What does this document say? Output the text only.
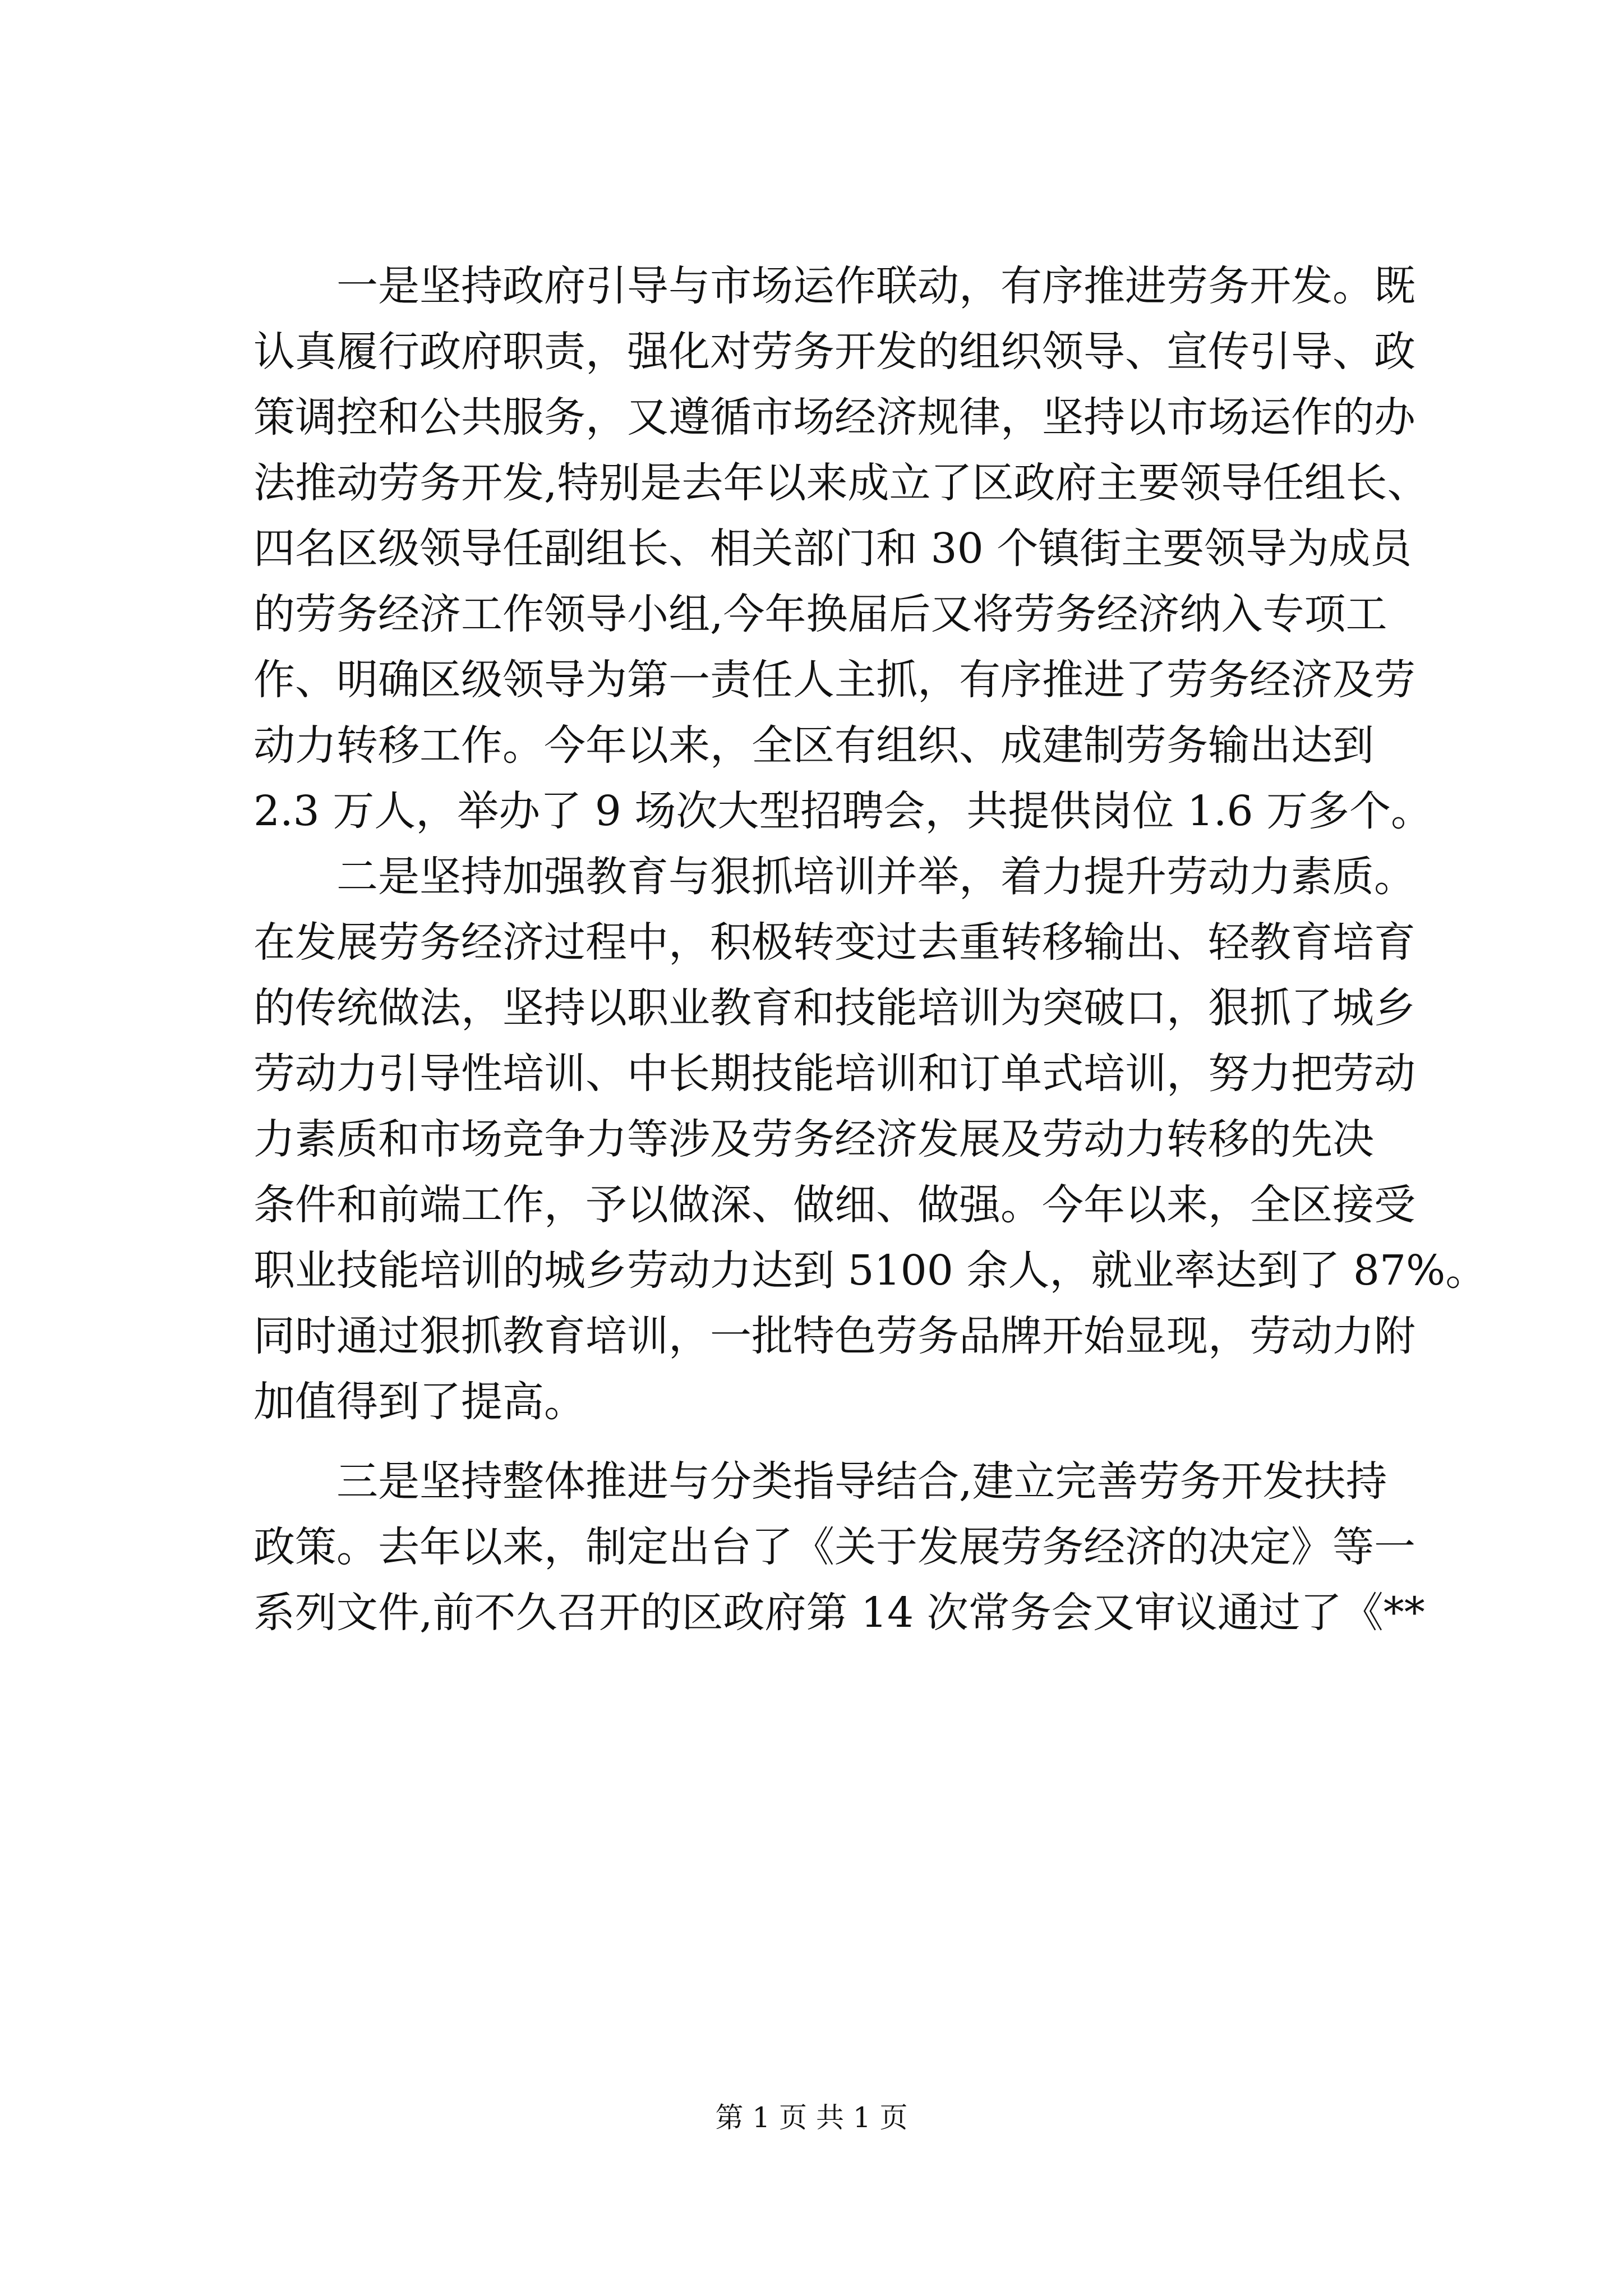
一是坚持政府引导与市场运作联动，有序推进劳务开发。既
认真履行政府职责，强化对劳务开发的组织领导、宣传引导、政
策调控和公共服务，又遵循市场经济规律，坚持以市场运作的办
法推动劳务开发,特别是去年以来成立了区政府主要领导任组长、
四名区级领导任副组长、相关部门和 30 个镇街主要领导为成员
的劳务经济工作领导小组,今年换届后又将劳务经济纳入专项工
作、明确区级领导为第一责任人主抓，有序推进了劳务经济及劳
动力转移工作。今年以来，全区有组织、成建制劳务输出达到
2.3 万人，举办了 9 场次大型招聘会，共提供岗位 1.6 万多个。
二是坚持加强教育与狠抓培训并举，着力提升劳动力素质。
在发展劳务经济过程中，积极转变过去重转移输出、轻教育培育
的传统做法，坚持以职业教育和技能培训为突破口，狠抓了城乡
劳动力引导性培训、中长期技能培训和订单式培训，努力把劳动
力素质和市场竞争力等涉及劳务经济发展及劳动力转移的先决
条件和前端工作，予以做深、做细、做强。今年以来，全区接受
职业技能培训的城乡劳动力达到 5100 余人，就业率达到了 87%。
同时通过狠抓教育培训，一批特色劳务品牌开始显现，劳动力附
加值得到了提高。
三是坚持整体推进与分类指导结合,建立完善劳务开发扶持
政策。去年以来，制定出台了《关于发展劳务经济的决定》等一
系列文件,前不久召开的区政府第 14 次常务会又审议通过了《**
第 1 页 共 1 页
